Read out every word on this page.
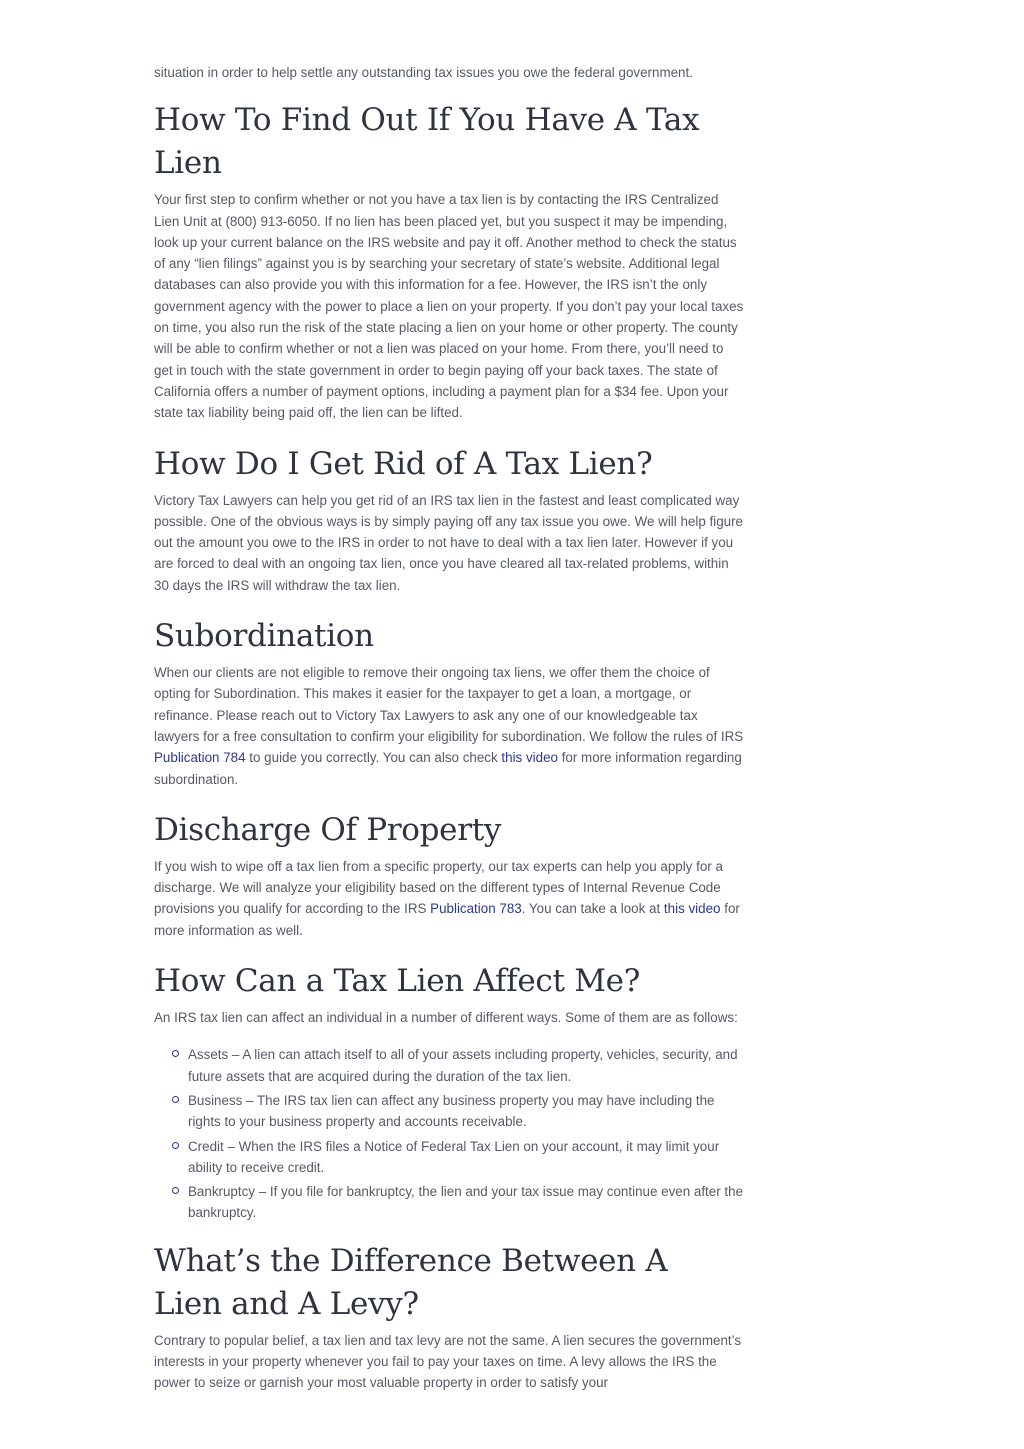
situation in order to help settle any outstanding tax issues you owe the federal government.

How To Find Out If You Have A Tax Lien

Your first step to confirm whether or not you have a tax lien is by contacting the IRS Centralized Lien Unit at (800) 913-6050. If no lien has been placed yet, but you suspect it may be impending, look up your current balance on the IRS website and pay it off. Another method to check the status of any “lien filings” against you is by searching your secretary of state’s website. Additional legal databases can also provide you with this information for a fee. However, the IRS isn’t the only government agency with the power to place a lien on your property. If you don’t pay your local taxes on time, you also run the risk of the state placing a lien on your home or other property. The county will be able to confirm whether or not a lien was placed on your home. From there, you’ll need to get in touch with the state government in order to begin paying off your back taxes. The state of California offers a number of payment options, including a payment plan for a $34 fee. Upon your state tax liability being paid off, the lien can be lifted.

How Do I Get Rid of A Tax Lien?

Victory Tax Lawyers can help you get rid of an IRS tax lien in the fastest and least complicated way possible. One of the obvious ways is by simply paying off any tax issue you owe. We will help figure out the amount you owe to the IRS in order to not have to deal with a tax lien later. However if you are forced to deal with an ongoing tax lien, once you have cleared all tax-related problems, within 30 days the IRS will withdraw the tax lien.

Subordination

When our clients are not eligible to remove their ongoing tax liens, we offer them the choice of opting for Subordination. This makes it easier for the taxpayer to get a loan, a mortgage, or refinance. Please reach out to Victory Tax Lawyers to ask any one of our knowledgeable tax lawyers for a free consultation to confirm your eligibility for subordination. We follow the rules of IRS Publication 784 to guide you correctly. You can also check this video for more information regarding subordination.

Discharge Of Property

If you wish to wipe off a tax lien from a specific property, our tax experts can help you apply for a discharge. We will analyze your eligibility based on the different types of Internal Revenue Code provisions you qualify for according to the IRS Publication 783. You can take a look at this video for more information as well.

How Can a Tax Lien Affect Me?

An IRS tax lien can affect an individual in a number of different ways. Some of them are as follows:

Assets – A lien can attach itself to all of your assets including property, vehicles, security, and future assets that are acquired during the duration of the tax lien.
Business – The IRS tax lien can affect any business property you may have including the rights to your business property and accounts receivable.
Credit – When the IRS files a Notice of Federal Tax Lien on your account, it may limit your ability to receive credit.
Bankruptcy – If you file for bankruptcy, the lien and your tax issue may continue even after the bankruptcy.
What’s the Difference Between A Lien and A Levy?

Contrary to popular belief, a tax lien and tax levy are not the same. A lien secures the government’s interests in your property whenever you fail to pay your taxes on time. A levy allows the IRS the power to seize or garnish your most valuable property in order to satisfy your
